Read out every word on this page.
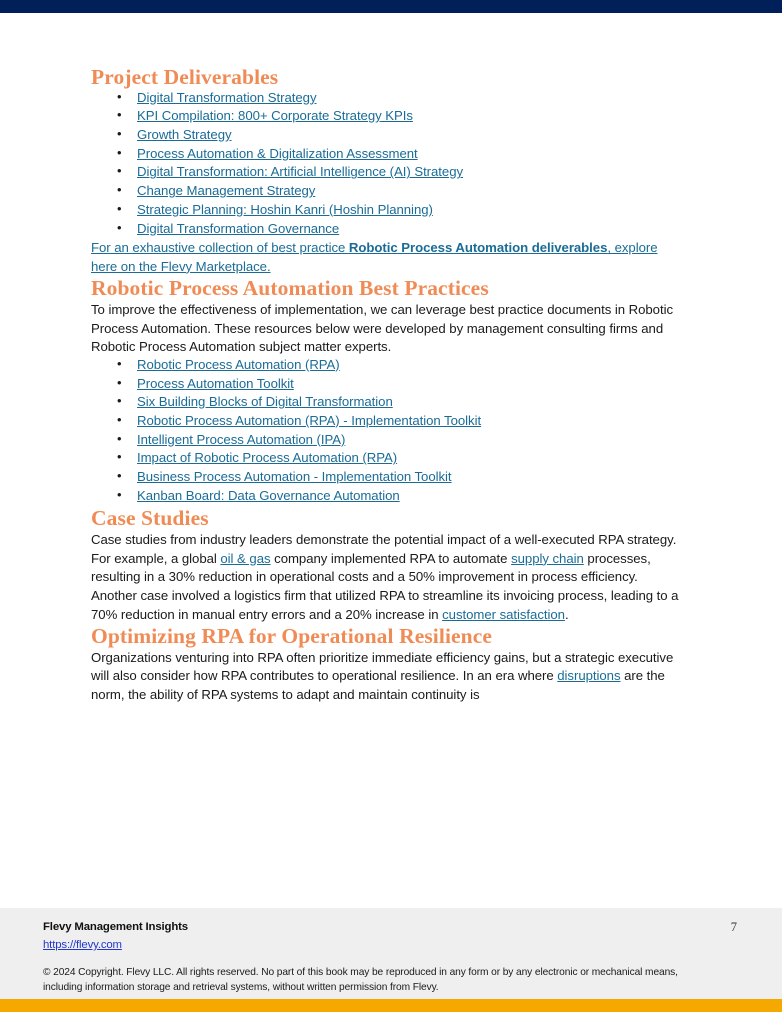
Project Deliverables
• Digital Transformation Strategy
• KPI Compilation: 800+ Corporate Strategy KPIs
• Growth Strategy
• Process Automation & Digitalization Assessment
• Digital Transformation: Artificial Intelligence (AI) Strategy
• Change Management Strategy
• Strategic Planning: Hoshin Kanri (Hoshin Planning)
• Digital Transformation Governance

For an exhaustive collection of best practice Robotic Process Automation deliverables, explore here on the Flevy Marketplace.

Robotic Process Automation Best Practices

To improve the effectiveness of implementation, we can leverage best practice documents in Robotic Process Automation. These resources below were developed by management consulting firms and Robotic Process Automation subject matter experts.

• Robotic Process Automation (RPA)
• Process Automation Toolkit
• Six Building Blocks of Digital Transformation
• Robotic Process Automation (RPA) - Implementation Toolkit
• Intelligent Process Automation (IPA)
• Impact of Robotic Process Automation (RPA)
• Business Process Automation - Implementation Toolkit
• Kanban Board: Data Governance Automation
Case Studies

Case studies from industry leaders demonstrate the potential impact of a well-executed RPA strategy. For example, a global oil & gas company implemented RPA to automate supply chain processes, resulting in a 30% reduction in operational costs and a 50% improvement in process efficiency. Another case involved a logistics firm that utilized RPA to streamline its invoicing process, leading to a 70% reduction in manual entry errors and a 20% increase in customer satisfaction.

Optimizing RPA for Operational Resilience

Organizations venturing into RPA often prioritize immediate efficiency gains, but a strategic executive will also consider how RPA contributes to operational resilience. In an era where disruptions are the norm, the ability of RPA systems to adapt and maintain continuity is

Flevy Management Insights
https://flevy.com
7
© 2024 Copyright. Flevy LLC. All rights reserved. No part of this book may be reproduced in any form or by any electronic or mechanical means, including information storage and retrieval systems, without written permission from Flevy.
